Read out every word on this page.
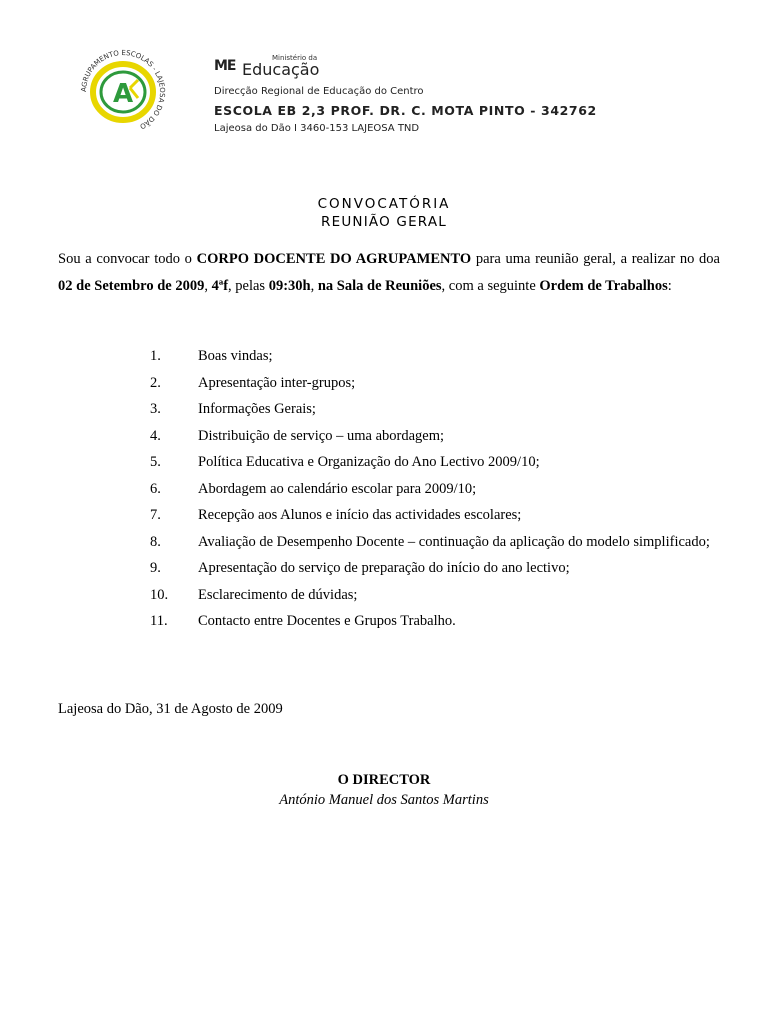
A
AGRUPAMENTO ESCOLAS - LAJEOSA DO DÃO
ME	Ministério da
Educação
Direcção Regional de Educação do Centro
ESCOLA EB 2,3 PROF. DR. C. MOTA PINTO - 342762
Lajeosa do Dão I 3460-153 LAJEOSA TND
CONVOCATÓRIA
REUNIÃO GERAL

Sou a convocar todo o CORPO DOCENTE DO AGRUPAMENTO para uma reunião geral, a realizar no doa 02 de Setembro de 2009, 4ªf, pelas 09:30h, na Sala de Reuniões, com a seguinte Ordem de Trabalhos:

1.	Boas vindas;
2.	Apresentação inter-grupos;
3.	Informações Gerais;
4.	Distribuição de serviço – uma abordagem;
5.	Política Educativa e Organização do Ano Lectivo 2009/10;
6.	Abordagem ao calendário escolar para 2009/10;
7.	Recepção aos Alunos e início das actividades escolares;
8.	Avaliação de Desempenho Docente – continuação da aplicação do modelo simplificado;
9.	Apresentação do serviço de preparação do início do ano lectivo;
10. Esclarecimento de dúvidas;
11. Contacto entre Docentes e Grupos Trabalho.
Lajeosa do Dão, 31 de Agosto de 2009
O DIRECTOR
António Manuel dos Santos Martins
